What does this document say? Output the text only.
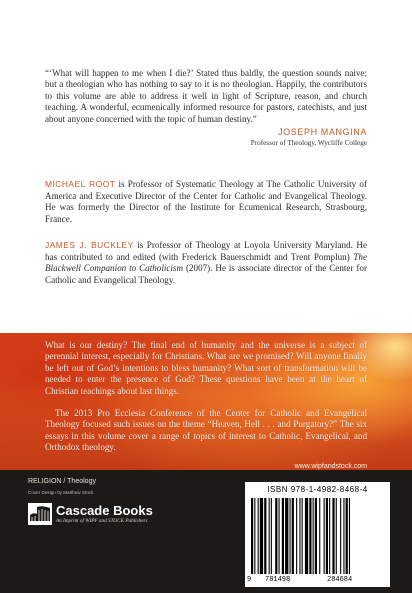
“‘What will happen to me when I die?’ Stated thus baldly, the question sounds naive; but a theologian who has nothing to say to it is no theologian. Happily, the contributors to this volume are able to address it well in light of Scripture, reason, and church teaching. A wonderful, ecumenically informed resource for pastors, catechists, and just about anyone concerned with the topic of human destiny.”

JOSEPH MANGINA
Professor of Theology, Wycliffe College

MICHAEL ROOT is Professor of Systematic Theology at The Catholic University of America and Executive Director of the Center for Catholic and Evangelical Theology. He was formerly the Director of the Institute for Ecumenical Research, Strasbourg, France.

JAMES J. BUCKLEY is Professor of Theology at Loyola University Maryland. He has contributed to and edited (with Frederick Bauerschmidt and Trent Pomplun) The Blackwell Companion to Catholicism (2007). He is associate director of the Center for Catholic and Evangelical Theology.

What is our destiny? The final end of humanity and the universe is a subject of perennial interest, especially for Christians. What are we promised? Will anyone finally be left out of God’s intentions to bless humanity? What sort of transformation will be needed to enter the presence of God? These questions have been at the heart of Christian teachings about last things.

The 2013 Pro Ecclesia Conference of the Center for Catholic and Evangelical Theology focused such issues on the theme “Heaven, Hell . . . and Purgatory?” The six essays in this volume cover a range of topics of interest to Catholic, Evangelical, and Orthodox theology.

www.wipfandstock.com
RELIGION / Theology
Cover Design by Matthew Stock
Cascade Books
An Imprint of WIPF and STOCK Publishers
ISBN 978-1-4982-8468-4
9 781498	284684
